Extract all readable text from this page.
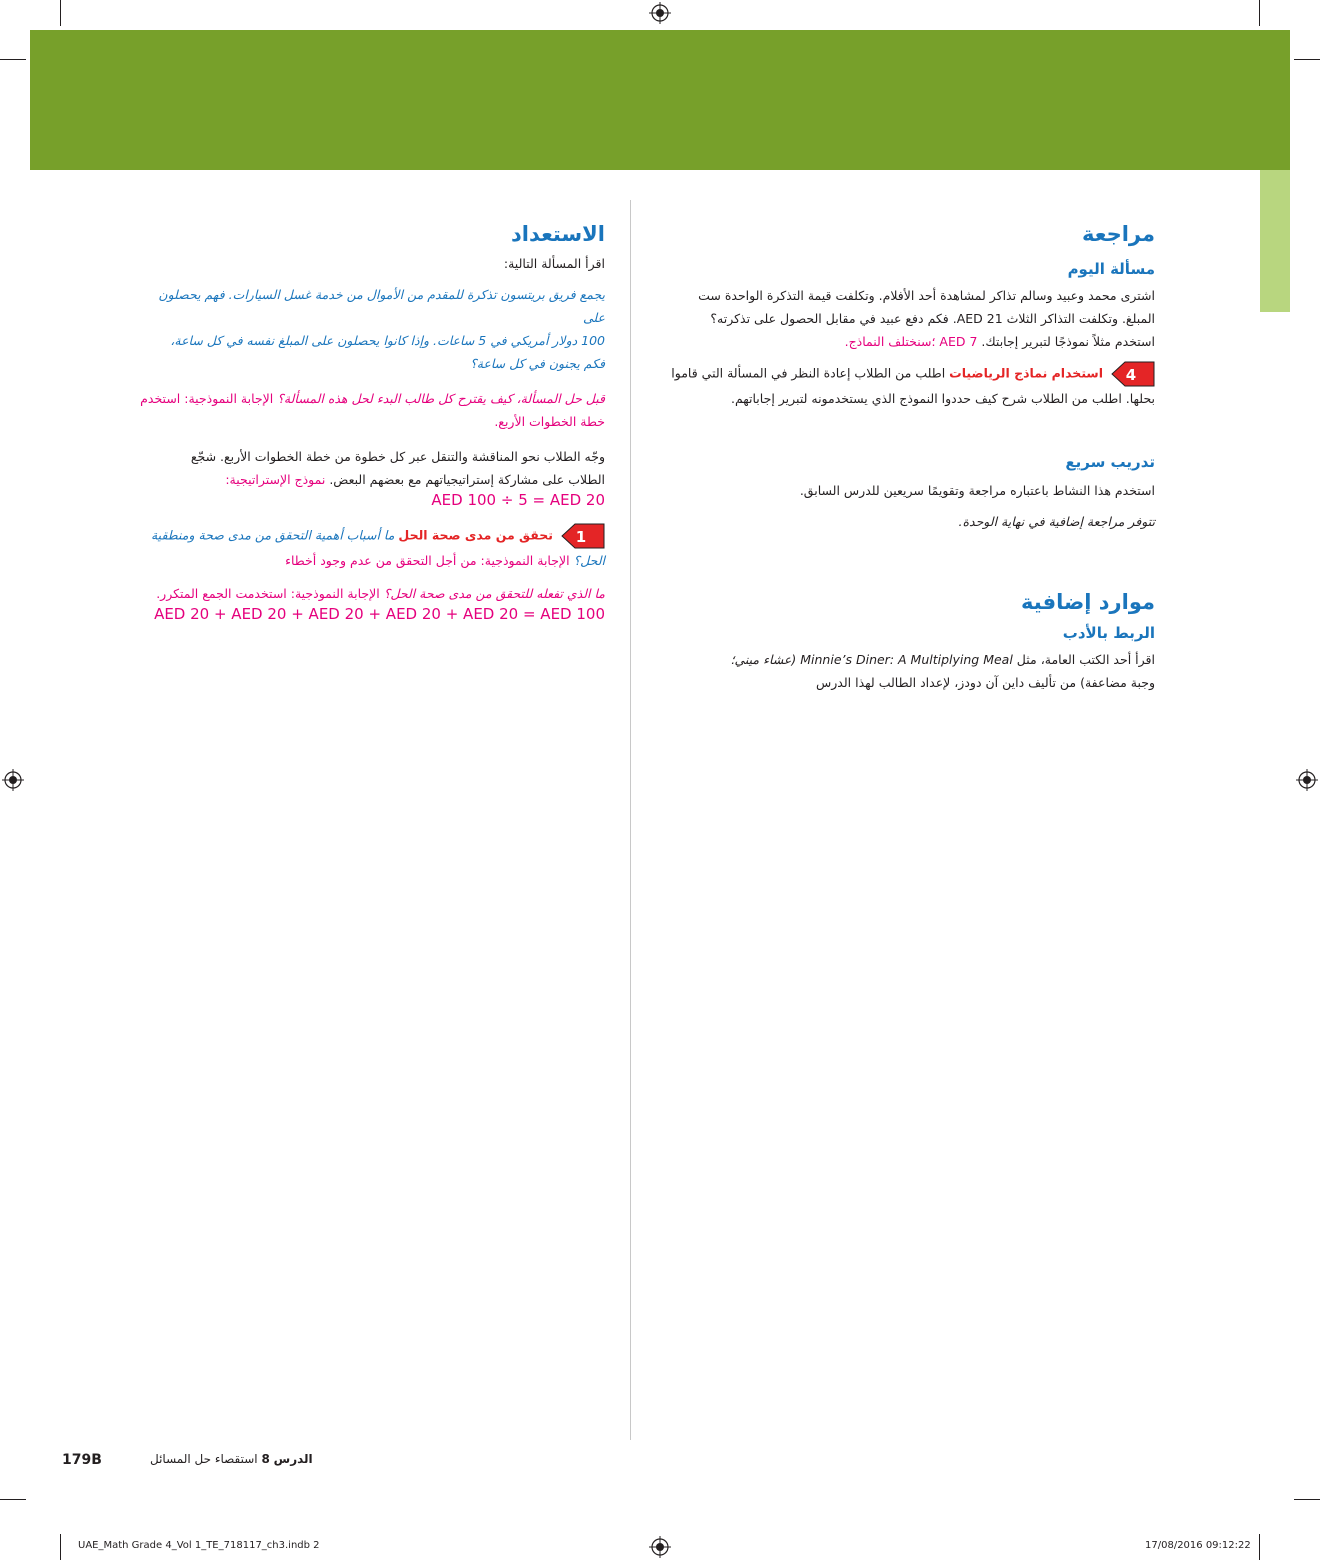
مراجعة
مسألة اليوم

اشترى محمد وعبيد وسالم تذاكر لمشاهدة أحد الأفلام. وتكلفت قيمة التذكرة الواحدة ست

المبلغ. وتكلفت التذاكر الثلاث 21 AED. فكم دفع عبيد في مقابل الحصول على تذكرته؟

استخدم مثلاً نموذجًا لتبرير إجابتك. AED 7 ؛سنختلف النماذج.

4
استخدام نماذج الرياضيات اطلب من الطلاب إعادة النظر في المسألة التي قاموا

بحلها. اطلب من الطلاب شرح كيف حددوا النموذج الذي يستخدمونه لتبرير إجاباتهم.

تدريب سريع

استخدم هذا النشاط باعتباره مراجعة وتقويمًا سريعين للدرس السابق.

تتوفر مراجعة إضافية في نهاية الوحدة.

موارد إضافية
الربط بالأدب

اقرأ أحد الكتب العامة، مثل Minnie’s Diner: A Multiplying Meal (عشاء ميني؛

وجبة مضاعفة) من تأليف داين آن دودز، لإعداد الطالب لهذا الدرس

الاستعداد

اقرأ المسألة التالية:

يجمع فريق بريتسون تذكرة للمقدم من الأموال من خدمة غسل السيارات. فهم يحصلون على

100 دولار أمريكي في 5 ساعات. وإذا كانوا يحصلون على المبلغ نفسه في كل ساعة،

فكم يجنون في كل ساعة؟

قبل حل المسألة، كيف يقترح كل طالب البدء لحل هذه المسألة؟ الإجابة النموذجية: استخدم خطة الخطوات الأربع.

وجّه الطلاب نحو المناقشة والتنقل عبر كل خطوة من خطة الخطوات الأربع. شجّع

الطلاب على مشاركة إستراتيجياتهم مع بعضهم البعض. نموذج الإستراتيجية:

AED 100 ÷ 5 = AED 20

1
تحقق من مدى صحة الحل ما أسباب أهمية التحقق من مدى صحة ومنطقية

الحل؟ الإجابة النموذجية: من أجل التحقق من عدم وجود أخطاء

ما الذي تفعله للتحقق من مدى صحة الحل؟ الإجابة النموذجية: استخدمت الجمع المتكرر.

AED 20 + AED 20 + AED 20 + AED 20 + AED 20 = AED 100

179B	الدرس 8 استقصاء حل المسائل
UAE_Math Grade 4_Vol 1_TE_718117_ch3.indb 2	17/08/2016 09:12:22
